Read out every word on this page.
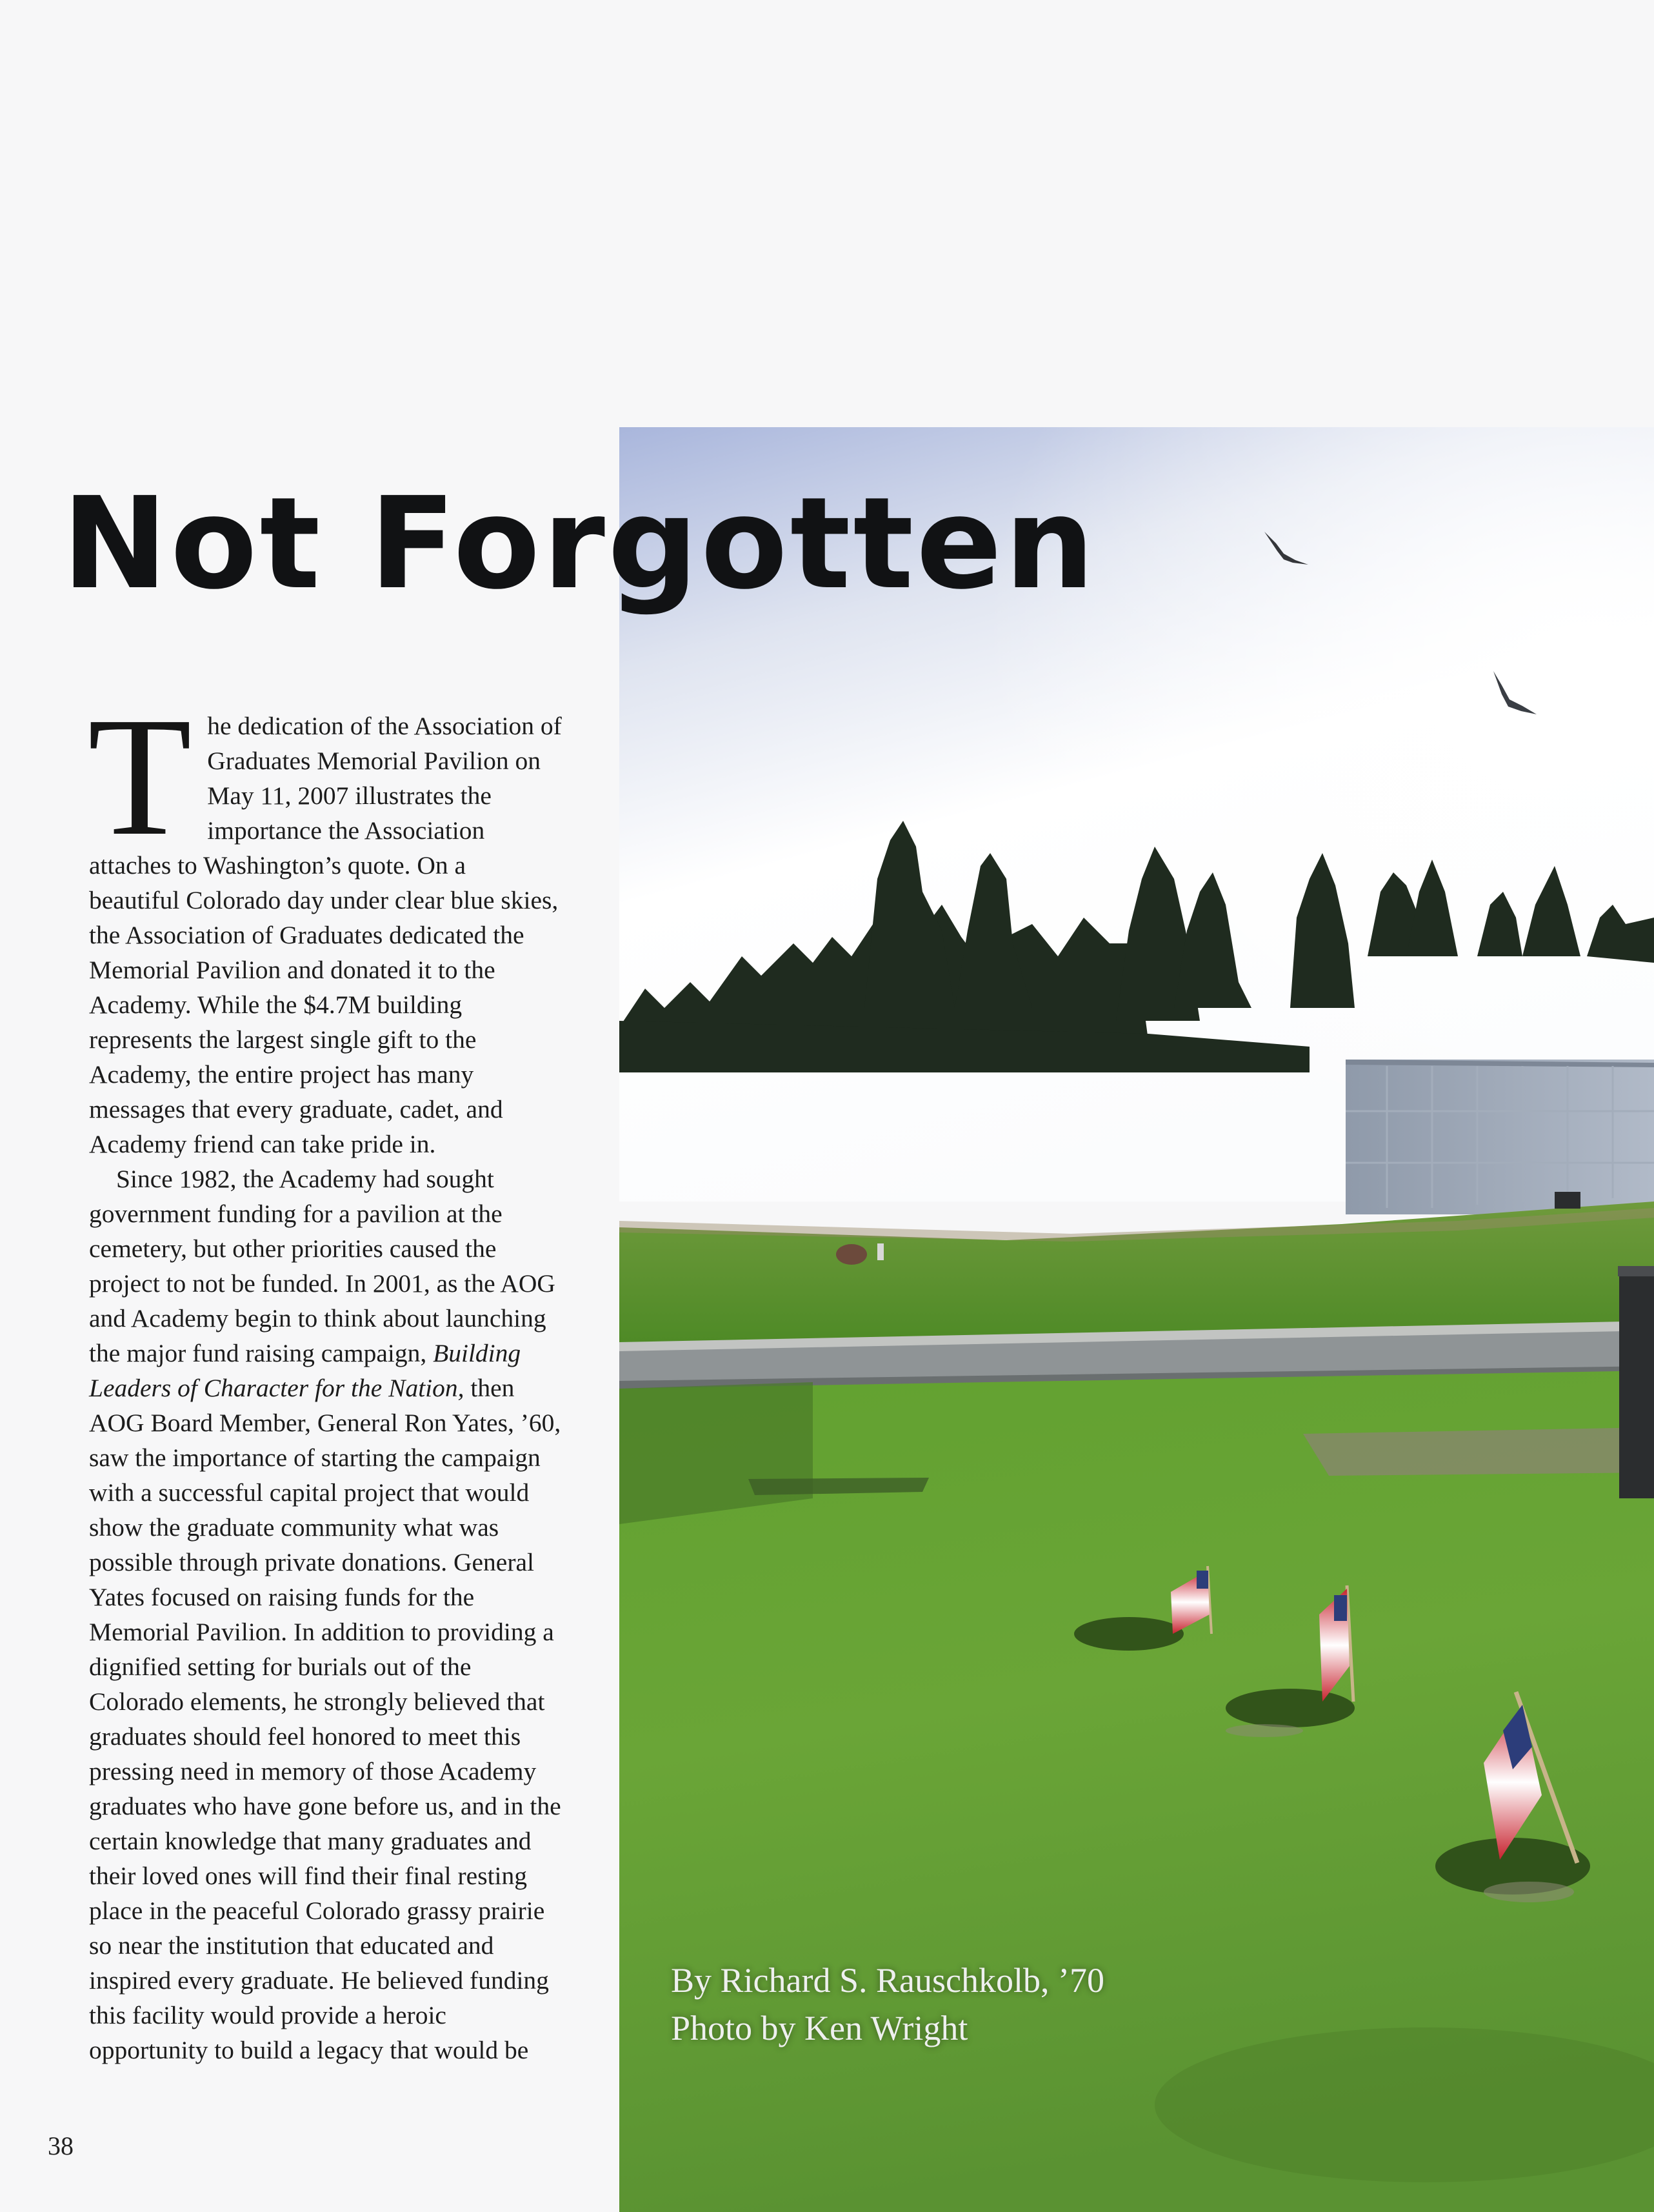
Not Forgotten

The dedication of the Association of Graduates Memorial Pavilion on May 11, 2007 illustrates the importance the Association attaches to Washington’s quote. On a beautiful Colorado day under clear blue skies, the Association of Graduates dedicated the Memorial Pavilion and donated it to the Academy. While the $4.7M building represents the largest single gift to the Academy, the entire project has many messages that every graduate, cadet, and Academy friend can take pride in.

Since 1982, the Academy had sought government funding for a pavilion at the cemetery, but other priorities caused the project to not be funded. In 2001, as the AOG and Academy begin to think about launching the major fund raising campaign, Building Leaders of Character for the Nation, then AOG Board Member, General Ron Yates, ’60, saw the importance of starting the campaign with a successful capital project that would show the graduate community what was possible through private donations. General Yates focused on raising funds for the Memorial Pavilion. In addition to providing a dignified setting for burials out of the Colorado elements, he strongly believed that graduates should feel honored to meet this pressing need in memory of those Academy graduates who have gone before us, and in the certain knowledge that many graduates and their loved ones will find their final resting place in the peaceful Colorado grassy prairie so near the institution that educated and inspired every graduate. He believed funding this facility would provide a heroic opportunity to build a legacy that would be

By Richard S. Rauschkolb, ’70
Photo by Ken Wright
38
